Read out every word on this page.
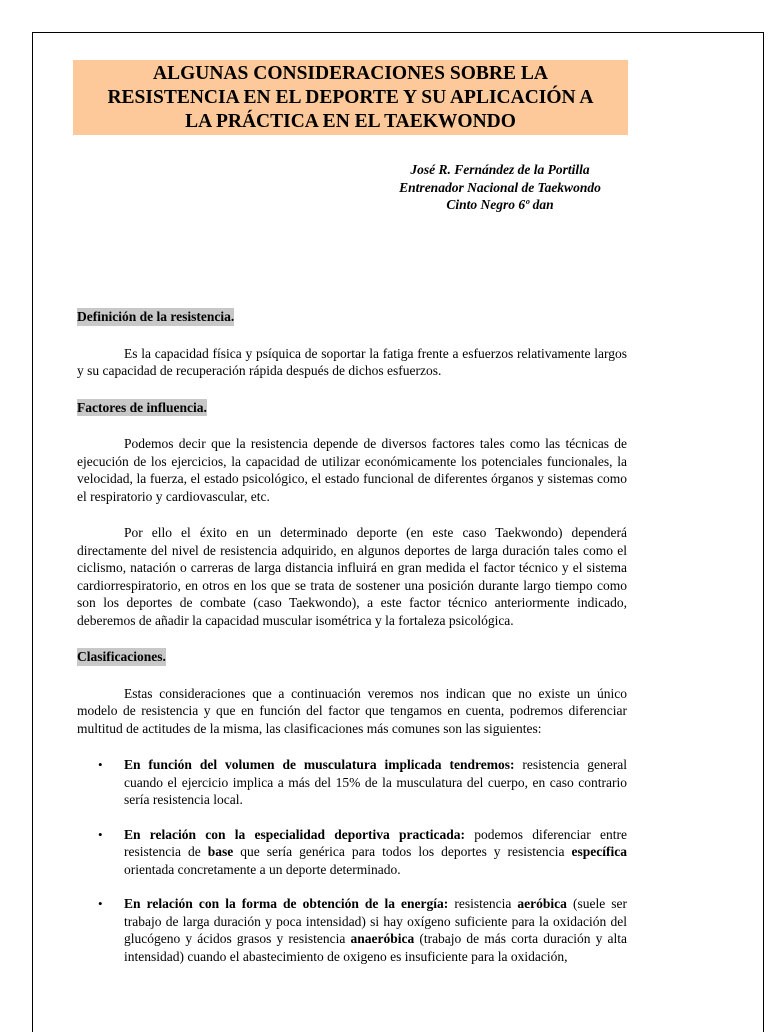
ALGUNAS CONSIDERACIONES SOBRE LA
RESISTENCIA EN EL DEPORTE Y SU APLICACIÓN A
LA PRÁCTICA EN EL TAEKWONDO
José R. Fernández de la Portilla
Entrenador Nacional de Taekwondo
Cinto Negro 6º dan
Definición de la resistencia.

Es la capacidad física y psíquica de soportar la fatiga frente a esfuerzos relativamente largos y su capacidad de recuperación rápida después de dichos esfuerzos.

Factores de influencia.

Podemos decir que la resistencia depende de diversos factores tales como las técnicas de ejecución de los ejercicios, la capacidad de utilizar económicamente los potenciales funcionales, la velocidad, la fuerza, el estado psicológico, el estado funcional de diferentes órganos y sistemas como el respiratorio y cardiovascular, etc.

Por ello el éxito en un determinado deporte (en este caso Taekwondo) dependerá directamente del nivel de resistencia adquirido, en algunos deportes de larga duración tales como el ciclismo, natación o carreras de larga distancia influirá en gran medida el factor técnico y el sistema cardiorrespiratorio, en otros en los que se trata de sostener una posición durante largo tiempo como son los deportes de combate (caso Taekwondo), a este factor técnico anteriormente indicado, deberemos de añadir la capacidad muscular isométrica y la fortaleza psicológica.

Clasificaciones.

Estas consideraciones que a continuación veremos nos indican que no existe un único modelo de resistencia y que en función del factor que tengamos en cuenta, podremos diferenciar multitud de actitudes de la misma, las clasificaciones más comunes son las siguientes:

• En función del volumen de musculatura implicada tendremos: resistencia general cuando el ejercicio implica a más del 15% de la musculatura del cuerpo, en caso contrario sería resistencia local.
• En relación con la especialidad deportiva practicada: podemos diferenciar entre resistencia de base que sería genérica para todos los deportes y resistencia específica orientada concretamente a un deporte determinado.
• En relación con la forma de obtención de la energía: resistencia aeróbica (suele ser trabajo de larga duración y poca intensidad) si hay oxígeno suficiente para la oxidación del glucógeno y ácidos grasos y resistencia anaeróbica (trabajo de más corta duración y alta intensidad) cuando el abastecimiento de oxigeno es insuficiente para la oxidación,
